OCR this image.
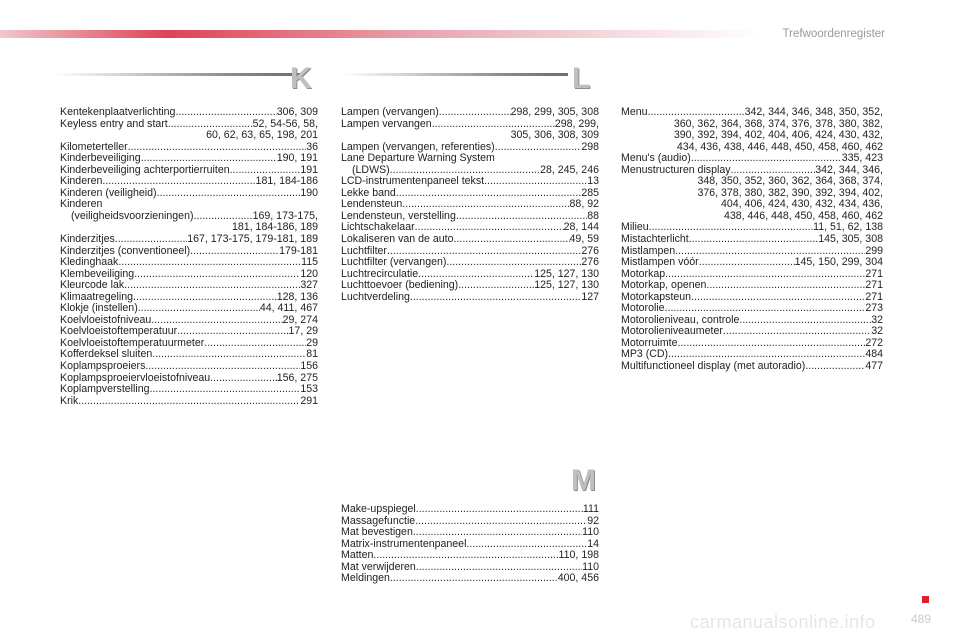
Trefwoordenregister
K	L
M
Kentekenplaatverlichting .....	306, 309
Keyless entry and start .....	52, 54-56, 58,
60, 62, 63, 65, 198, 201
Kilometerteller .....	36
Kinderbeveiliging .....	190, 191
Kinderbeveiliging achterportierruiten .....	191
Kinderen .....	181, 184-186
Kinderen (veiligheid) .....	190
Kinderen
(veiligheidsvoorzieningen) .....	169, 173-175,
181, 184-186, 189
Kinderzitjes .....	167, 173-175, 179-181, 189
Kinderzitjes (conventioneel) .....	179-181
Kledinghaak .....	115
Klembeveiliging .....	120
Kleurcode lak .....	327
Klimaatregeling .....	128, 136
Klokje (instellen) .....	44, 411, 467
Koelvloeistofniveau .....	29, 274
Koelvloeistoftemperatuur .....	17, 29
Koelvloeistoftemperatuurmeter .....	29
Kofferdeksel sluiten .....	81
Koplampsproeiers .....	156
Koplampsproeiervloeistofniveau .....	156, 275
Koplampverstelling .....	153
Krik .....	291
Lampen (vervangen) .....	298, 299, 305, 308
Lampen vervangen .....	298, 299,
305, 306, 308, 309
Lampen (vervangen, referenties) .....	298
Lane Departure Warning System
(LDWS) .....	28, 245, 246
LCD-instrumentenpaneel tekst .....	13
Lekke band .....	285
Lendensteun .....	88, 92
Lendensteun, verstelling .....	88
Lichtschakelaar .....	28, 144
Lokaliseren van de auto .....	49, 59
Luchtfilter .....	276
Luchtfilter (vervangen) .....	276
Luchtrecirculatie .....	125, 127, 130
Luchttoevoer (bediening) .....	125, 127, 130
Luchtverdeling .....	127
Menu .....	342, 344, 346, 348, 350, 352,
360, 362, 364, 368, 374, 376, 378, 380, 382,
390, 392, 394, 402, 404, 406, 424, 430, 432,
434, 436, 438, 446, 448, 450, 458, 460, 462
Menu's (audio) .....	335, 423
Menustructuren display .....	342, 344, 346,
348, 350, 352, 360, 362, 364, 368, 374,
376, 378, 380, 382, 390, 392, 394, 402,
404, 406, 424, 430, 432, 434, 436,
438, 446, 448, 450, 458, 460, 462
Milieu .....	11, 51, 62, 138
Mistachterlicht .....	145, 305, 308
Mistlampen .....	299
Mistlampen vóór .....	145, 150, 299, 304
Motorkap .....	271
Motorkap, openen .....	271
Motorkapsteun .....	271
Motorolie .....	273
Motorolieniveau, controle .....	32
Motorolieniveaumeter .....	32
Motorruimte .....	272
MP3 (CD) .....	484
Multifunctioneel display (met autoradio) .....	477
Make-upspiegel .....	111
Massagefunctie .....	92
Mat bevestigen .....	110
Matrix-instrumentenpaneel .....	14
Matten .....	110, 198
Mat verwijderen .....	110
Meldingen .....	400, 456
carmanualsonline.info	489
